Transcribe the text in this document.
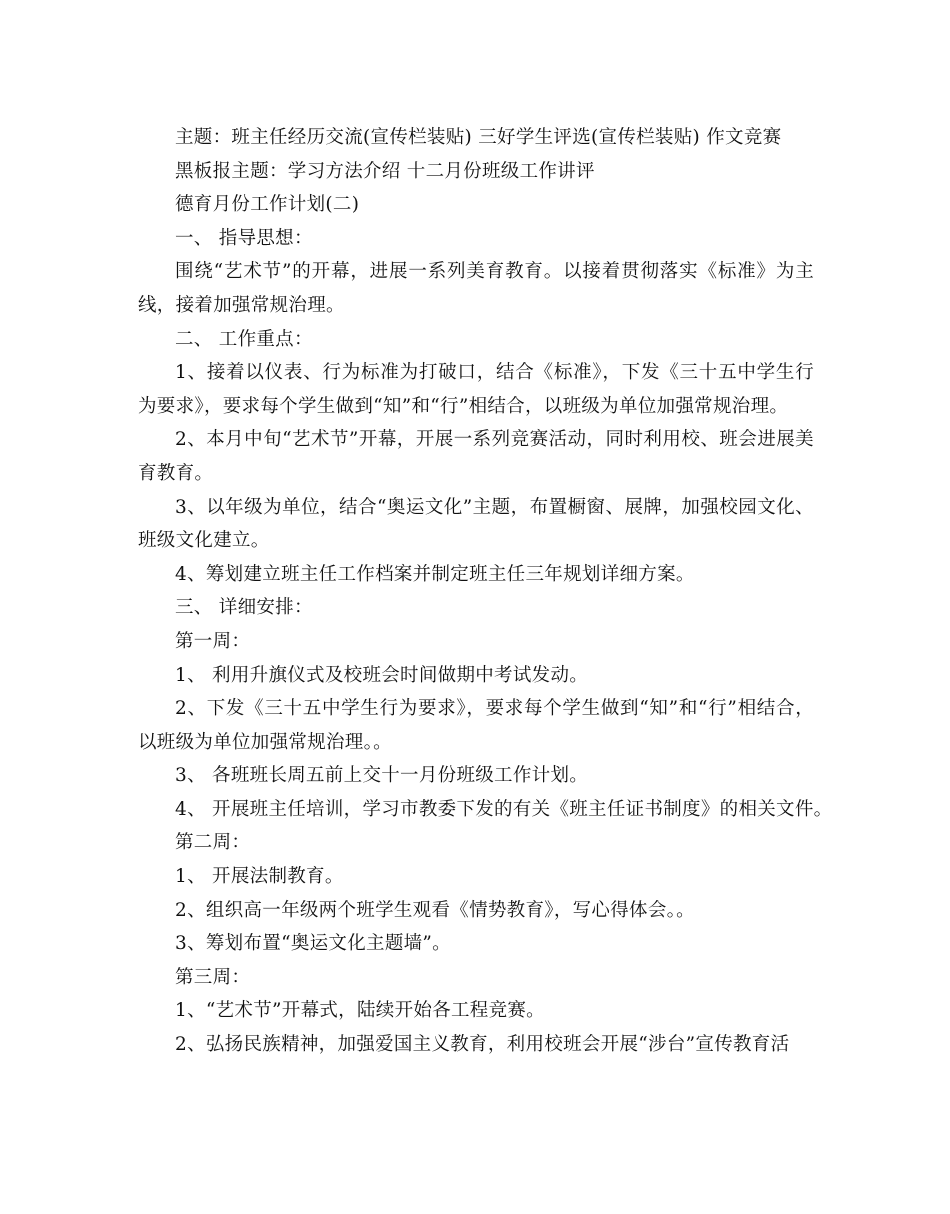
主题：班主任经历交流(宣传栏装贴) 三好学生评选(宣传栏装贴) 作文竞赛
黑板报主题：学习方法介绍 十二月份班级工作讲评
德育月份工作计划(二)
一、 指导思想：
围绕“艺术节”的开幕，进展一系列美育教育。以接着贯彻落实《标准》为主线，接着加强常规治理。
二、 工作重点：
1、接着以仪表、行为标准为打破口，结合《标准》，下发《三十五中学生行为要求》，要求每个学生做到“知”和“行”相结合，以班级为单位加强常规治理。
2、本月中旬“艺术节”开幕，开展一系列竞赛活动，同时利用校、班会进展美育教育。
3、以年级为单位，结合“奥运文化”主题，布置橱窗、展牌，加强校园文化、班级文化建立。
4、筹划建立班主任工作档案并制定班主任三年规划详细方案。
三、 详细安排：
第一周：
1、 利用升旗仪式及校班会时间做期中考试发动。
2、下发《三十五中学生行为要求》，要求每个学生做到“知”和“行”相结合，以班级为单位加强常规治理。。
3、 各班班长周五前上交十一月份班级工作计划。
4、 开展班主任培训，学习市教委下发的有关《班主任证书制度》的相关文件。
第二周：
1、 开展法制教育。
2、组织高一年级两个班学生观看《情势教育》，写心得体会。。
3、筹划布置“奥运文化主题墙”。
第三周：
1、“艺术节”开幕式，陆续开始各工程竞赛。
2、弘扬民族精神，加强爱国主义教育，利用校班会开展“涉台”宣传教育活
